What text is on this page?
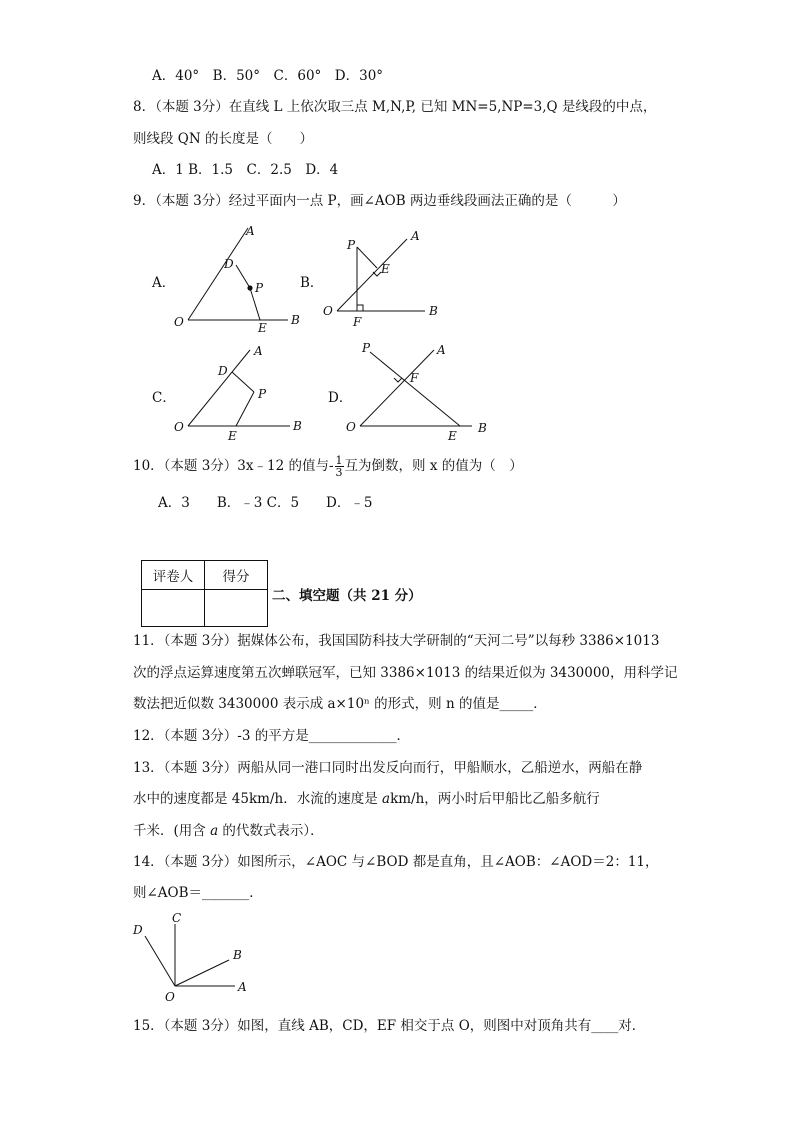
A．40°　B．50°　C．60°　D．30°
8．（本题 3分）在直线 L 上依次取三点 M,N,P, 已知 MN=5,NP=3,Q 是线段的中点，
则线段 QN 的长度是（　　）
A．1 B．1.5　C．2.5　D．4
9．（本题 3分）经过平面内一点 P，画∠AOB 两边垂线段画法正确的是（　　　）
A．	B．
C．	D．
A
D
P
O	E
B
A
P
E
O
F
B
A
D
P
O
E
B
A
P
F
O
E
B
10．（本题 3分）3x﹣12 的值与- $\frac{1}{3}$ 互为倒数，则 x 的值为（　）
A．3　　B．﹣3 C．5　　D．﹣5
评卷人	得分

二、填空题（共 21 分）
11．（本题 3分）据媒体公布，我国国防科技大学研制的“天河二号”以每秒 3386×1013
次的浮点运算速度第五次蝉联冠军，已知 3386×1013 的结果近似为 3430000，用科学记
数法把近似数 3430000 表示成 a×10ⁿ 的形式，则 n 的值是_____．
12．（本题 3分）-3 的平方是_____________．
13．（本题 3分）两船从同一港口同时出发反向而行，甲船顺水，乙船逆水，两船在静
水中的速度都是 45km/h．水流的速度是 akm/h，两小时后甲船比乙船多航行
千米．(用含 a 的代数式表示）．
14．（本题 3分）如图所示，∠AOC 与∠BOD 都是直角，且∠AOB：∠AOD＝2：11，
则∠AOB＝_______．
D
C
B
O
A
15．（本题 3分）如图，直线 AB，CD，EF 相交于点 O，则图中对顶角共有____对．
